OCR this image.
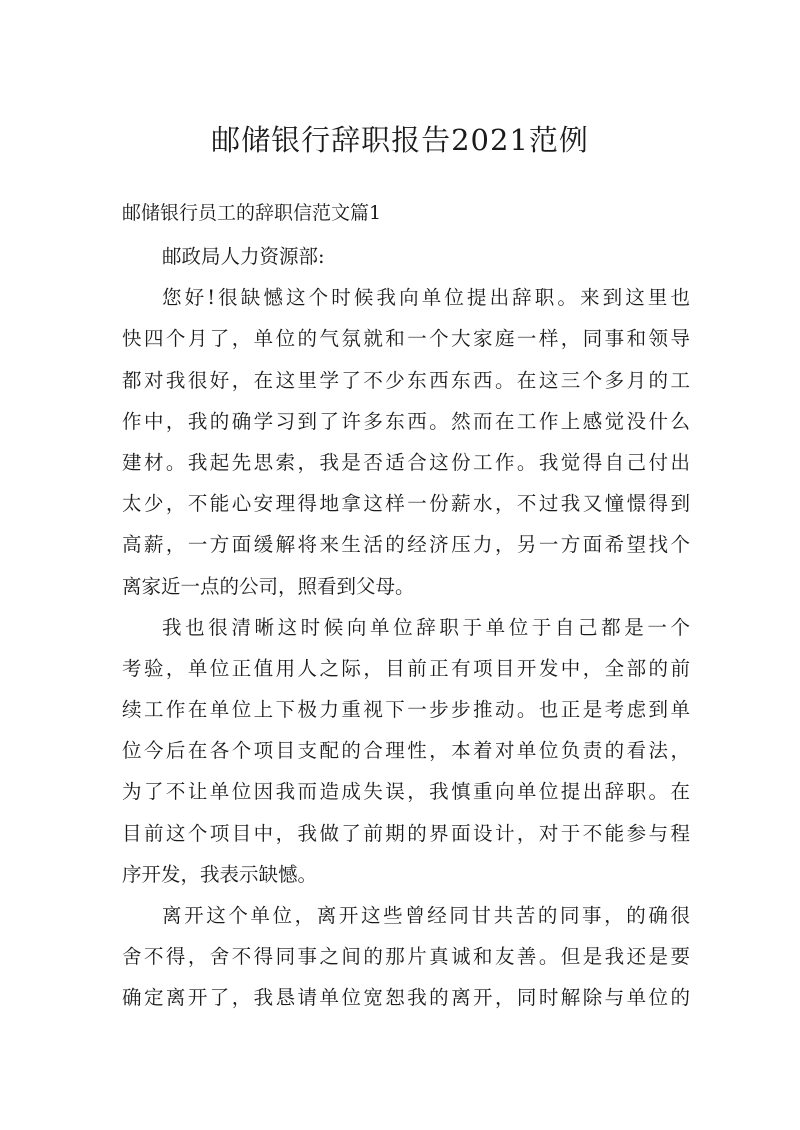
邮储银行辞职报告2021范例
邮储银行员工的辞职信范文篇1
邮政局人力资源部:
您好!很缺憾这个时候我向单位提出辞职。来到这里也
快四个月了，单位的气氛就和一个大家庭一样，同事和领导
都对我很好，在这里学了不少东西东西。在这三个多月的工
作中，我的确学习到了许多东西。然而在工作上感觉没什么
建材。我起先思索，我是否适合这份工作。我觉得自己付出
太少，不能心安理得地拿这样一份薪水，不过我又憧憬得到
高薪，一方面缓解将来生活的经济压力，另一方面希望找个
离家近一点的公司，照看到父母。
我也很清晰这时候向单位辞职于单位于自己都是一个
考验，单位正值用人之际，目前正有项目开发中，全部的前
续工作在单位上下极力重视下一步步推动。也正是考虑到单
位今后在各个项目支配的合理性，本着对单位负责的看法，
为了不让单位因我而造成失误，我慎重向单位提出辞职。在
目前这个项目中，我做了前期的界面设计，对于不能参与程
序开发，我表示缺憾。
离开这个单位，离开这些曾经同甘共苦的同事，的确很
舍不得，舍不得同事之间的那片真诚和友善。但是我还是要
确定离开了，我恳请单位宽恕我的离开，同时解除与单位的
